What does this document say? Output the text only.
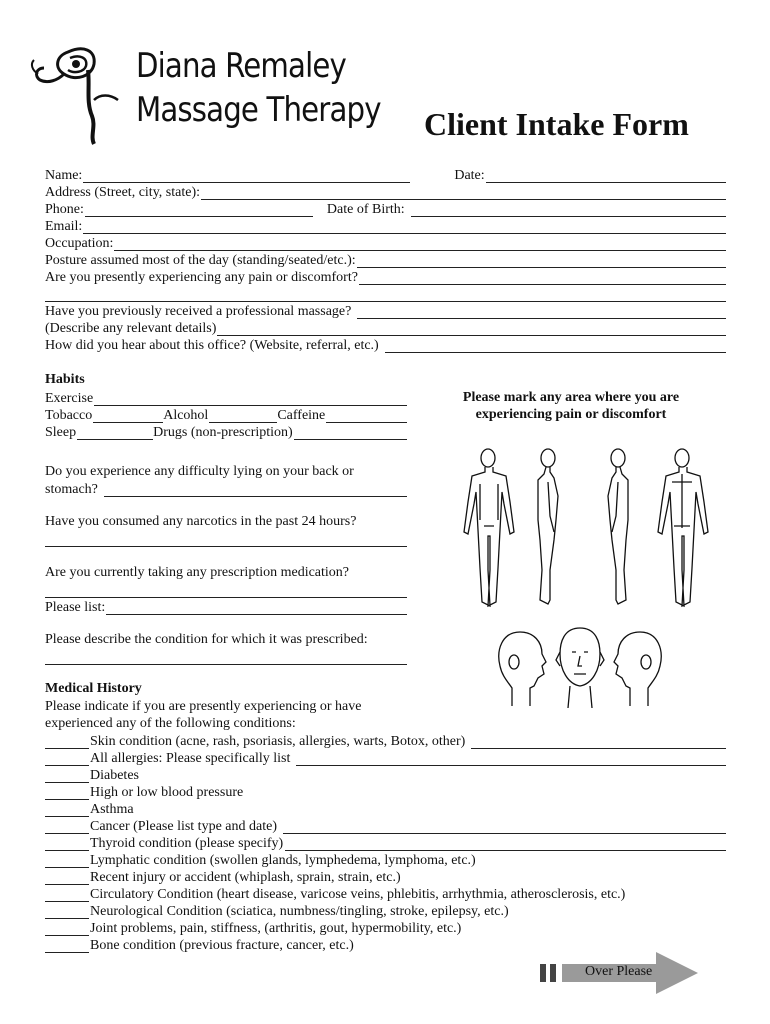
Diana Remaley
Massage Therapy Client Intake Form
Name:	Date:
Address (Street, city, state):
Phone:	Date of Birth:
Email:
Occupation:
Posture assumed most of the day (standing/seated/etc.):
Are you presently experiencing any pain or discomfort?
Have you previously received a professional massage?
(Describe any relevant details)
How did you hear about this office? (Website, referral, etc.)
Habits
Exercise
Tobacco	Alcohol	Caffeine
Sleep	Drugs (non-prescription)
Do you experience any difficulty lying on your back or
stomach?
Have you consumed any narcotics in the past 24 hours?
Are you currently taking any prescription medication?
Please list:
Please describe the condition for which it was prescribed:
Please mark any area where you are
experiencing pain or discomfort
Medical History
Please indicate if you are presently experiencing or have
experienced any of the following conditions:
Skin condition (acne, rash, psoriasis, allergies, warts, Botox, other)
All allergies: Please specifically list
Diabetes
High or low blood pressure
Asthma
Cancer (Please list type and date)
Thyroid condition (please specify)
Lymphatic condition (swollen glands, lymphedema, lymphoma, etc.)
Recent injury or accident (whiplash, sprain, strain, etc.)
Circulatory Condition (heart disease, varicose veins, phlebitis, arrhythmia, atherosclerosis, etc.)
Neurological Condition (sciatica, numbness/tingling, stroke, epilepsy, etc.)
Joint problems, pain, stiffness, (arthritis, gout, hypermobility, etc.)
Bone condition (previous fracture, cancer, etc.)
Over Please
